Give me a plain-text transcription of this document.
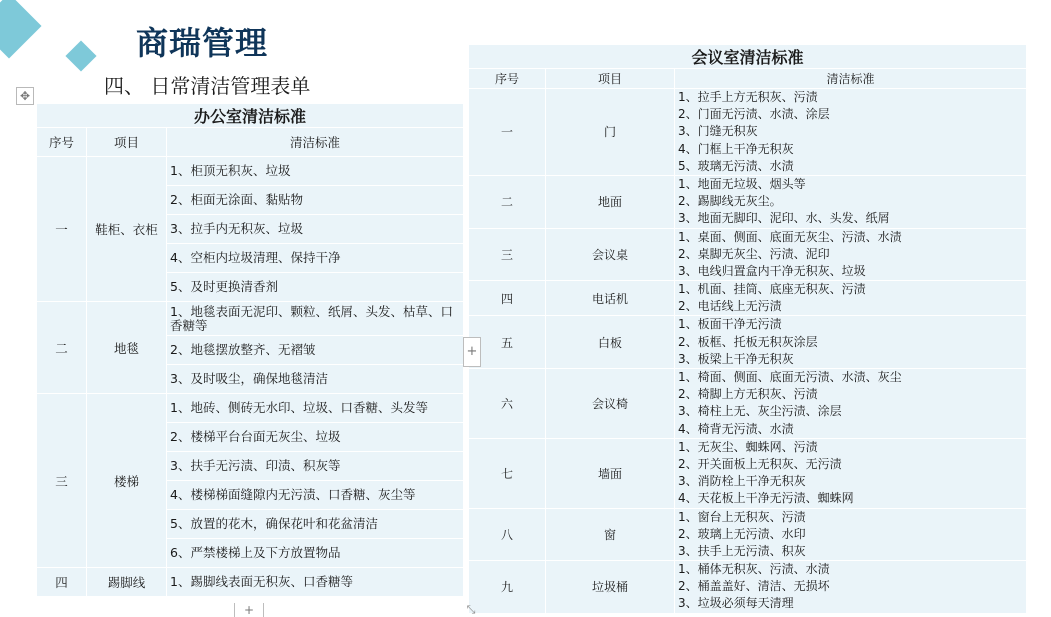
商瑞管理
四、 日常清洁管理表单
✥
办公室清洁标准		
序号	项目	清洁标准
一	鞋柜、衣柜	1、柜顶无积灰、垃圾
		2、柜面无涂面、黏贴物
		3、拉手内无积灰、垃圾
		4、空柜内垃圾清理、保持干净
		5、及时更换清香剂
二	地毯	1、地毯表面无泥印、颗粒、纸屑、头发、枯草、口香糖等
		2、地毯摆放整齐、无褶皱
		3、及时吸尘，确保地毯清洁
三	楼梯	1、地砖、侧砖无水印、垃圾、口香糖、头发等
		2、楼梯平台台面无灰尘、垃圾
		3、扶手无污渍、印渍、积灰等
		4、楼梯梯面缝隙内无污渍、口香糖、灰尘等
		5、放置的花木，确保花叶和花盆清洁
		6、严禁楼梯上及下方放置物品
四	踢脚线	1、踢脚线表面无积灰、口香糖等
会议室清洁标准		
序号	项目	清洁标准
一	门	1、拉手上方无积灰、污渍
2、门面无污渍、水渍、涂层
3、门缝无积灰
4、门框上干净无积灰
5、玻璃无污渍、水渍

二	地面	1、地面无垃圾、烟头等
2、踢脚线无灰尘。
3、地面无脚印、泥印、水、头发、纸屑

三	会议桌	1、桌面、侧面、底面无灰尘、污渍、水渍
2、桌脚无灰尘、污渍、泥印
3、电线归置盒内干净无积灰、垃圾

四	电话机	1、机面、挂筒、底座无积灰、污渍
2、电话线上无污渍

五	白板	1、板面干净无污渍
2、板框、托板无积灰涂层
3、板梁上干净无积灰

六	会议椅	1、椅面、侧面、底面无污渍、水渍、灰尘
2、椅脚上方无积灰、污渍
3、椅柱上无、灰尘污渍、涂层
4、椅背无污渍、水渍

七	墙面	1、无灰尘、蜘蛛网、污渍
2、开关面板上无积灰、无污渍
3、消防栓上干净无积灰
4、天花板上干净无污渍、蜘蛛网

八	窗	1、窗台上无积灰、污渍
2、玻璃上无污渍、水印
3、扶手上无污渍、积灰

九	垃圾桶	1、桶体无积灰、污渍、水渍
2、桶盖盖好、清洁、无损坏
3、垃圾必须每天清理
+
+	⤡
